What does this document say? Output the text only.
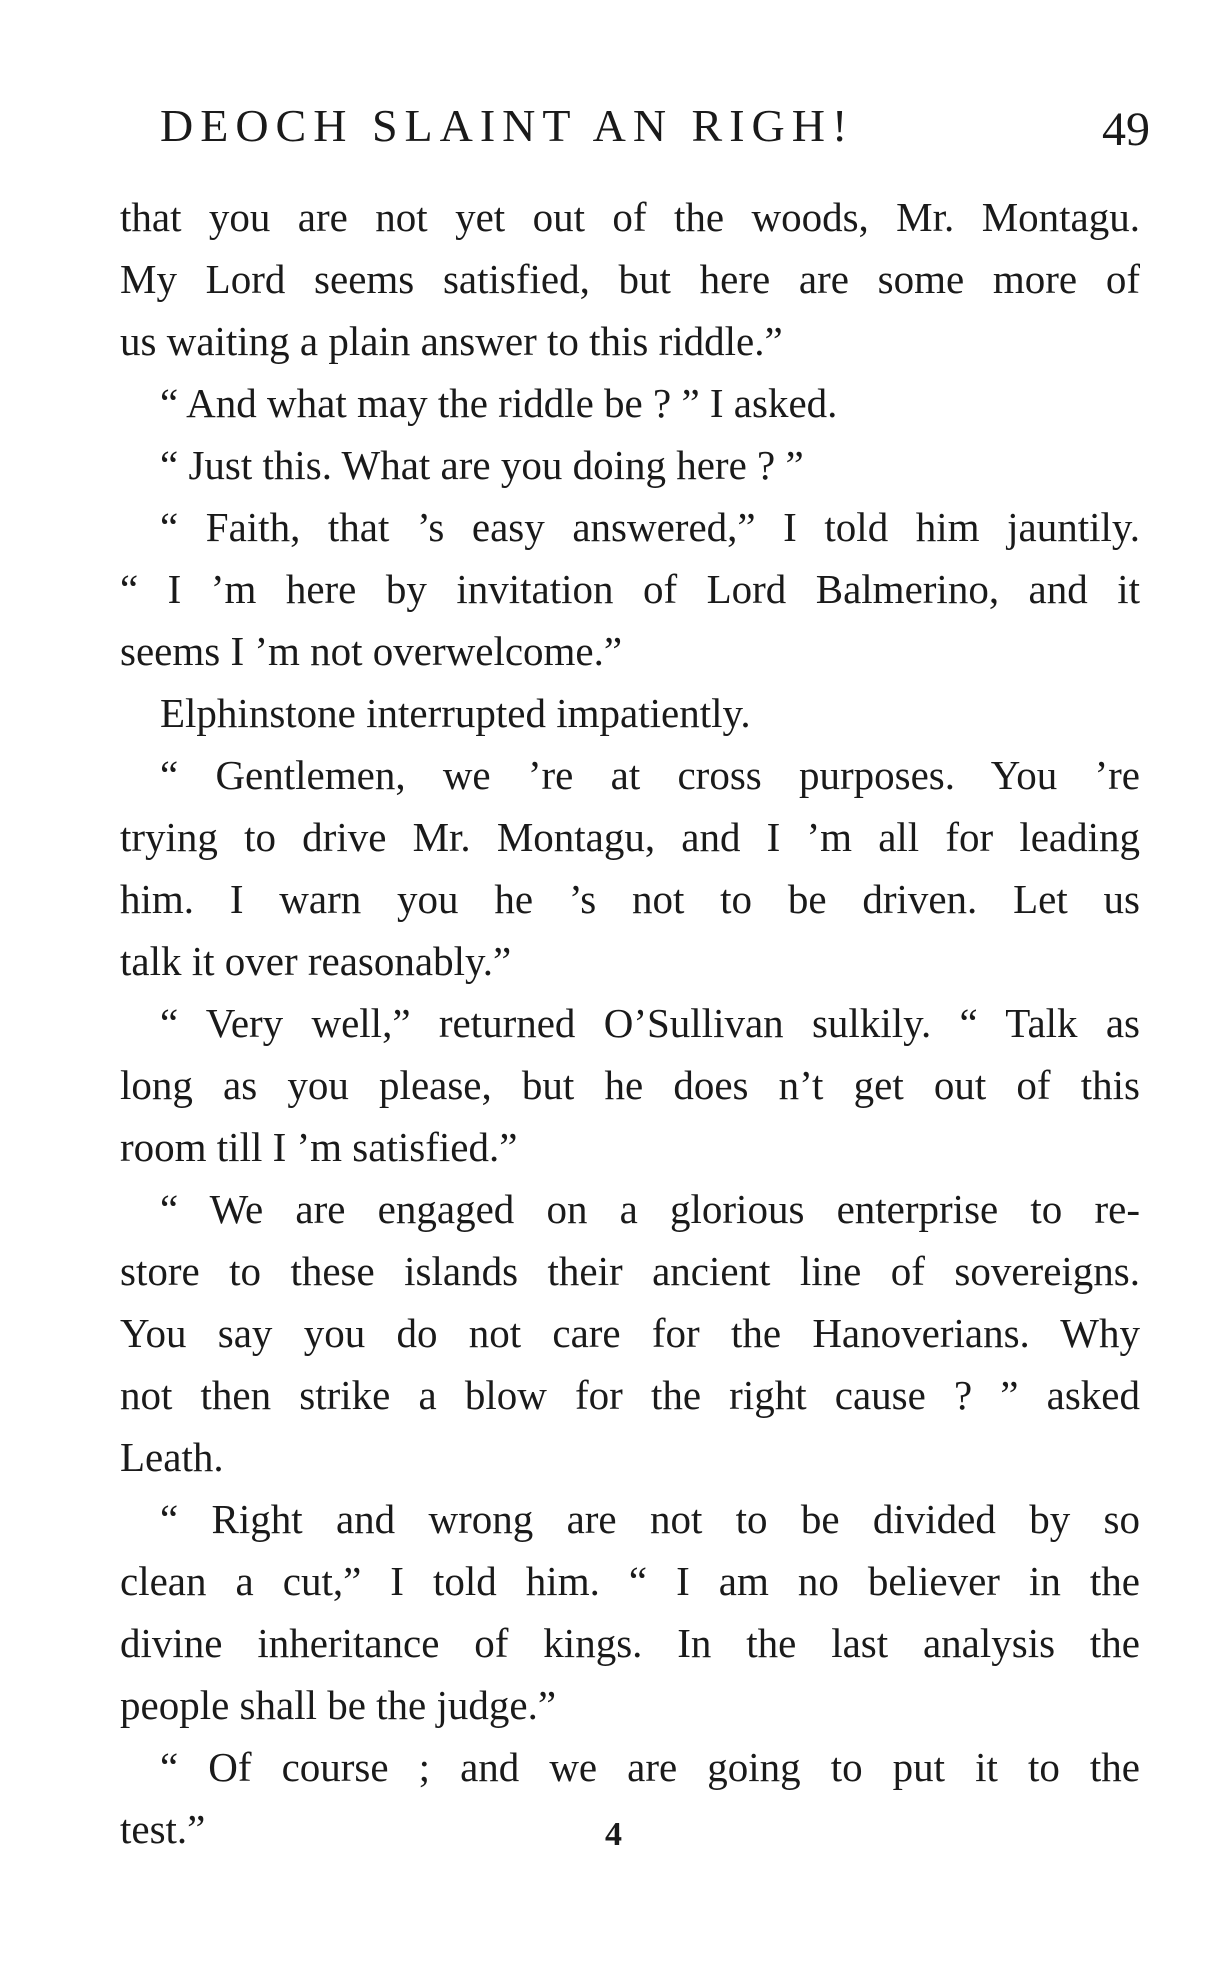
DEOCH SLAINT AN RIGH!	49
that you are not yet out of the woods, Mr. Montagu.
My Lord seems satisfied, but here are some more of
us waiting a plain answer to this riddle.”
“ And what may the riddle be ? ” I asked.
“ Just this. What are you doing here ? ”
“ Faith, that ’s easy answered,” I told him jauntily.
“ I ’m here by invitation of Lord Balmerino, and it
seems I ’m not overwelcome.”
Elphinstone interrupted impatiently.
“ Gentlemen, we ’re at cross purposes. You ’re
trying to drive Mr. Montagu, and I ’m all for leading
him. I warn you he ’s not to be driven. Let us
talk it over reasonably.”
“ Very well,” returned O’Sullivan sulkily. “ Talk as
long as you please, but he does n’t get out of this
room till I ’m satisfied.”
“ We are engaged on a glorious enterprise to re-
store to these islands their ancient line of sovereigns.
You say you do not care for the Hanoverians. Why
not then strike a blow for the right cause ? ” asked
Leath.
“ Right and wrong are not to be divided by so
clean a cut,” I told him. “ I am no believer in the
divine inheritance of kings. In the last analysis the
people shall be the judge.”
“ Of course ; and we are going to put it to the
test.”	4
